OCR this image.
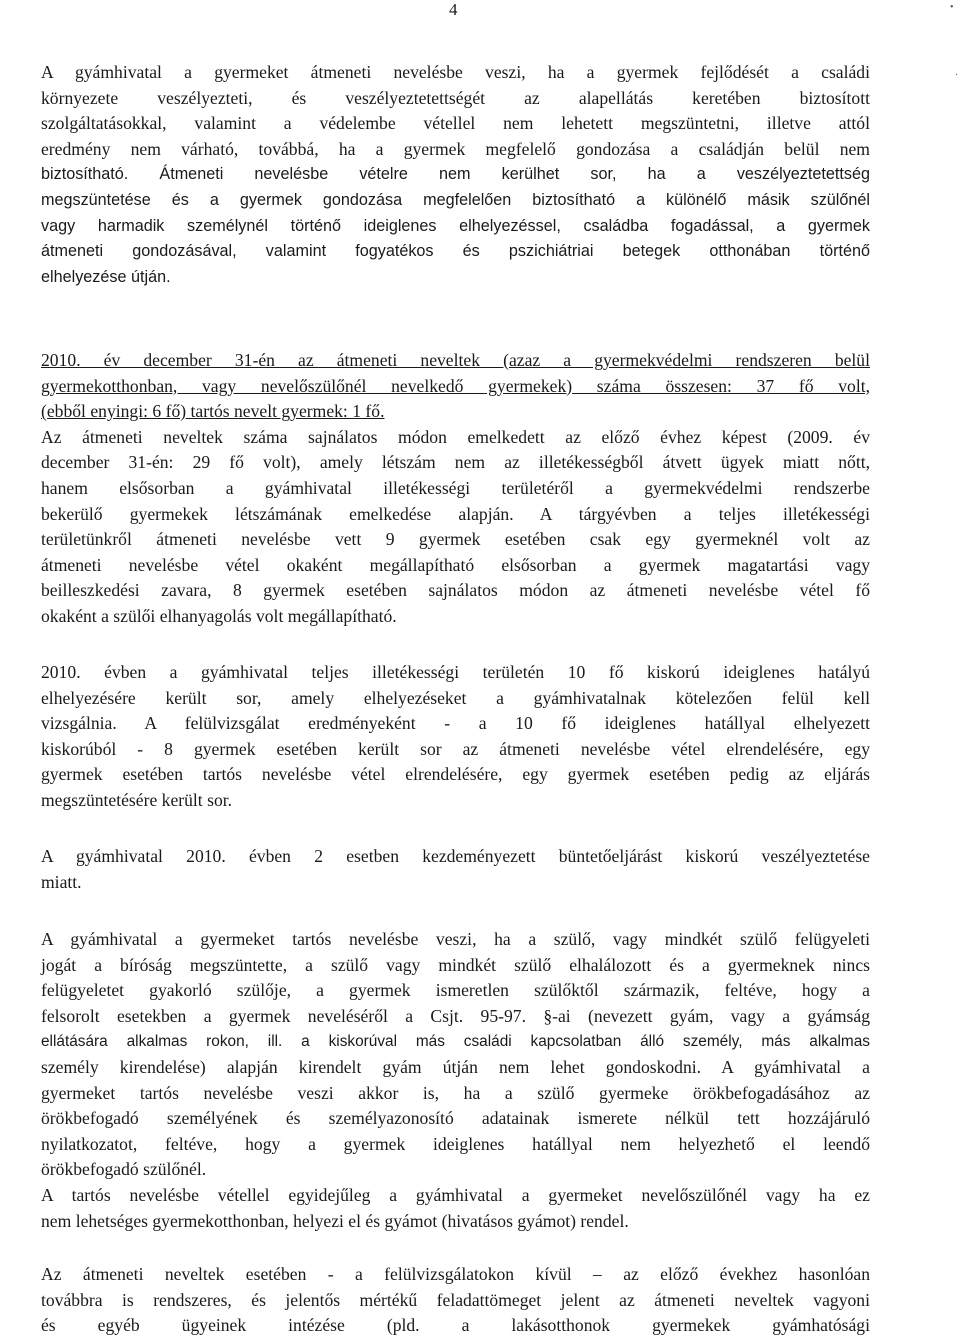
4
A gyámhivatal a gyermeket átmeneti nevelésbe veszi, ha a gyermek fejlődését a családi
környezete veszélyezteti, és veszélyeztetettségét az alapellátás keretében biztosított
szolgáltatásokkal, valamint a védelembe vétellel nem lehetett megszüntetni, illetve attól
eredmény nem várható, továbbá, ha a gyermek megfelelő gondozása a családján belül nem
biztosítható. Átmeneti nevelésbe vételre nem kerülhet sor, ha a veszélyeztetettség
megszüntetése és a gyermek gondozása megfelelően biztosítható a különélő másik szülőnél
vagy harmadik személynél történő ideiglenes elhelyezéssel, családba fogadással, a gyermek
átmeneti gondozásával, valamint fogyatékos és pszichiátriai betegek otthonában történő
elhelyezése útján.
2010. év december 31-én az átmeneti neveltek (azaz a gyermekvédelmi rendszeren belül
gyermekotthonban, vagy nevelőszülőnél nevelkedő gyermekek) száma összesen: 37 fő volt,
(ebből enyingi: 6 fő) tartós nevelt gyermek: 1 fő.
Az átmeneti neveltek száma sajnálatos módon emelkedett az előző évhez képest (2009. év
december 31-én: 29 fő volt), amely létszám nem az illetékességből átvett ügyek miatt nőtt,
hanem elsősorban a gyámhivatal illetékességi területéről a gyermekvédelmi rendszerbe
bekerülő gyermekek létszámának emelkedése alapján. A tárgyévben a teljes illetékességi
területünkről átmeneti nevelésbe vett 9 gyermek esetében csak egy gyermeknél volt az
átmeneti nevelésbe vétel okaként megállapítható elsősorban a gyermek magatartási vagy
beilleszkedési zavara, 8 gyermek esetében sajnálatos módon az átmeneti nevelésbe vétel fő
okaként a szülői elhanyagolás volt megállapítható.
2010. évben a gyámhivatal teljes illetékességi területén 10 fő kiskorú ideiglenes hatályú
elhelyezésére került sor, amely elhelyezéseket a gyámhivatalnak kötelezően felül kell
vizsgálnia. A felülvizsgálat eredményeként - a 10 fő ideiglenes hatállyal elhelyezett
kiskorúból - 8 gyermek esetében került sor az átmeneti nevelésbe vétel elrendelésére, egy
gyermek esetében tartós nevelésbe vétel elrendelésére, egy gyermek esetében pedig az eljárás
megszüntetésére került sor.
A gyámhivatal 2010. évben 2 esetben kezdeményezett büntetőeljárást kiskorú veszélyeztetése
miatt.
A gyámhivatal a gyermeket tartós nevelésbe veszi, ha a szülő, vagy mindkét szülő felügyeleti
jogát a bíróság megszüntette, a szülő vagy mindkét szülő elhalálozott és a gyermeknek nincs
felügyeletet gyakorló szülője, a gyermek ismeretlen szülőktől származik, feltéve, hogy a
felsorolt esetekben a gyermek neveléséről a Csjt. 95-97. §-ai (nevezett gyám, vagy a gyámság
ellátására alkalmas rokon, ill. a kiskorúval más családi kapcsolatban álló személy, más alkalmas
személy kirendelése) alapján kirendelt gyám útján nem lehet gondoskodni. A gyámhivatal a
gyermeket tartós nevelésbe veszi akkor is, ha a szülő gyermeke örökbefogadásához az
örökbefogadó személyének és személyazonosító adatainak ismerete nélkül tett hozzájáruló
nyilatkozatot, feltéve, hogy a gyermek ideiglenes hatállyal nem helyezhető el leendő
örökbefogadó szülőnél.
A tartós nevelésbe vétellel egyidejűleg a gyámhivatal a gyermeket nevelőszülőnél vagy ha ez
nem lehetséges gyermekotthonban, helyezi el és gyámot (hivatásos gyámot) rendel.
Az átmeneti neveltek esetében - a felülvizsgálatokon kívül – az előző évekhez hasonlóan
továbbra is rendszeres, és jelentős mértékű feladattömeget jelent az átmeneti neveltek vagyoni
és egyéb ügyeinek intézése (pld. a lakásotthonok gyermekek gyámhatósági
•
·
